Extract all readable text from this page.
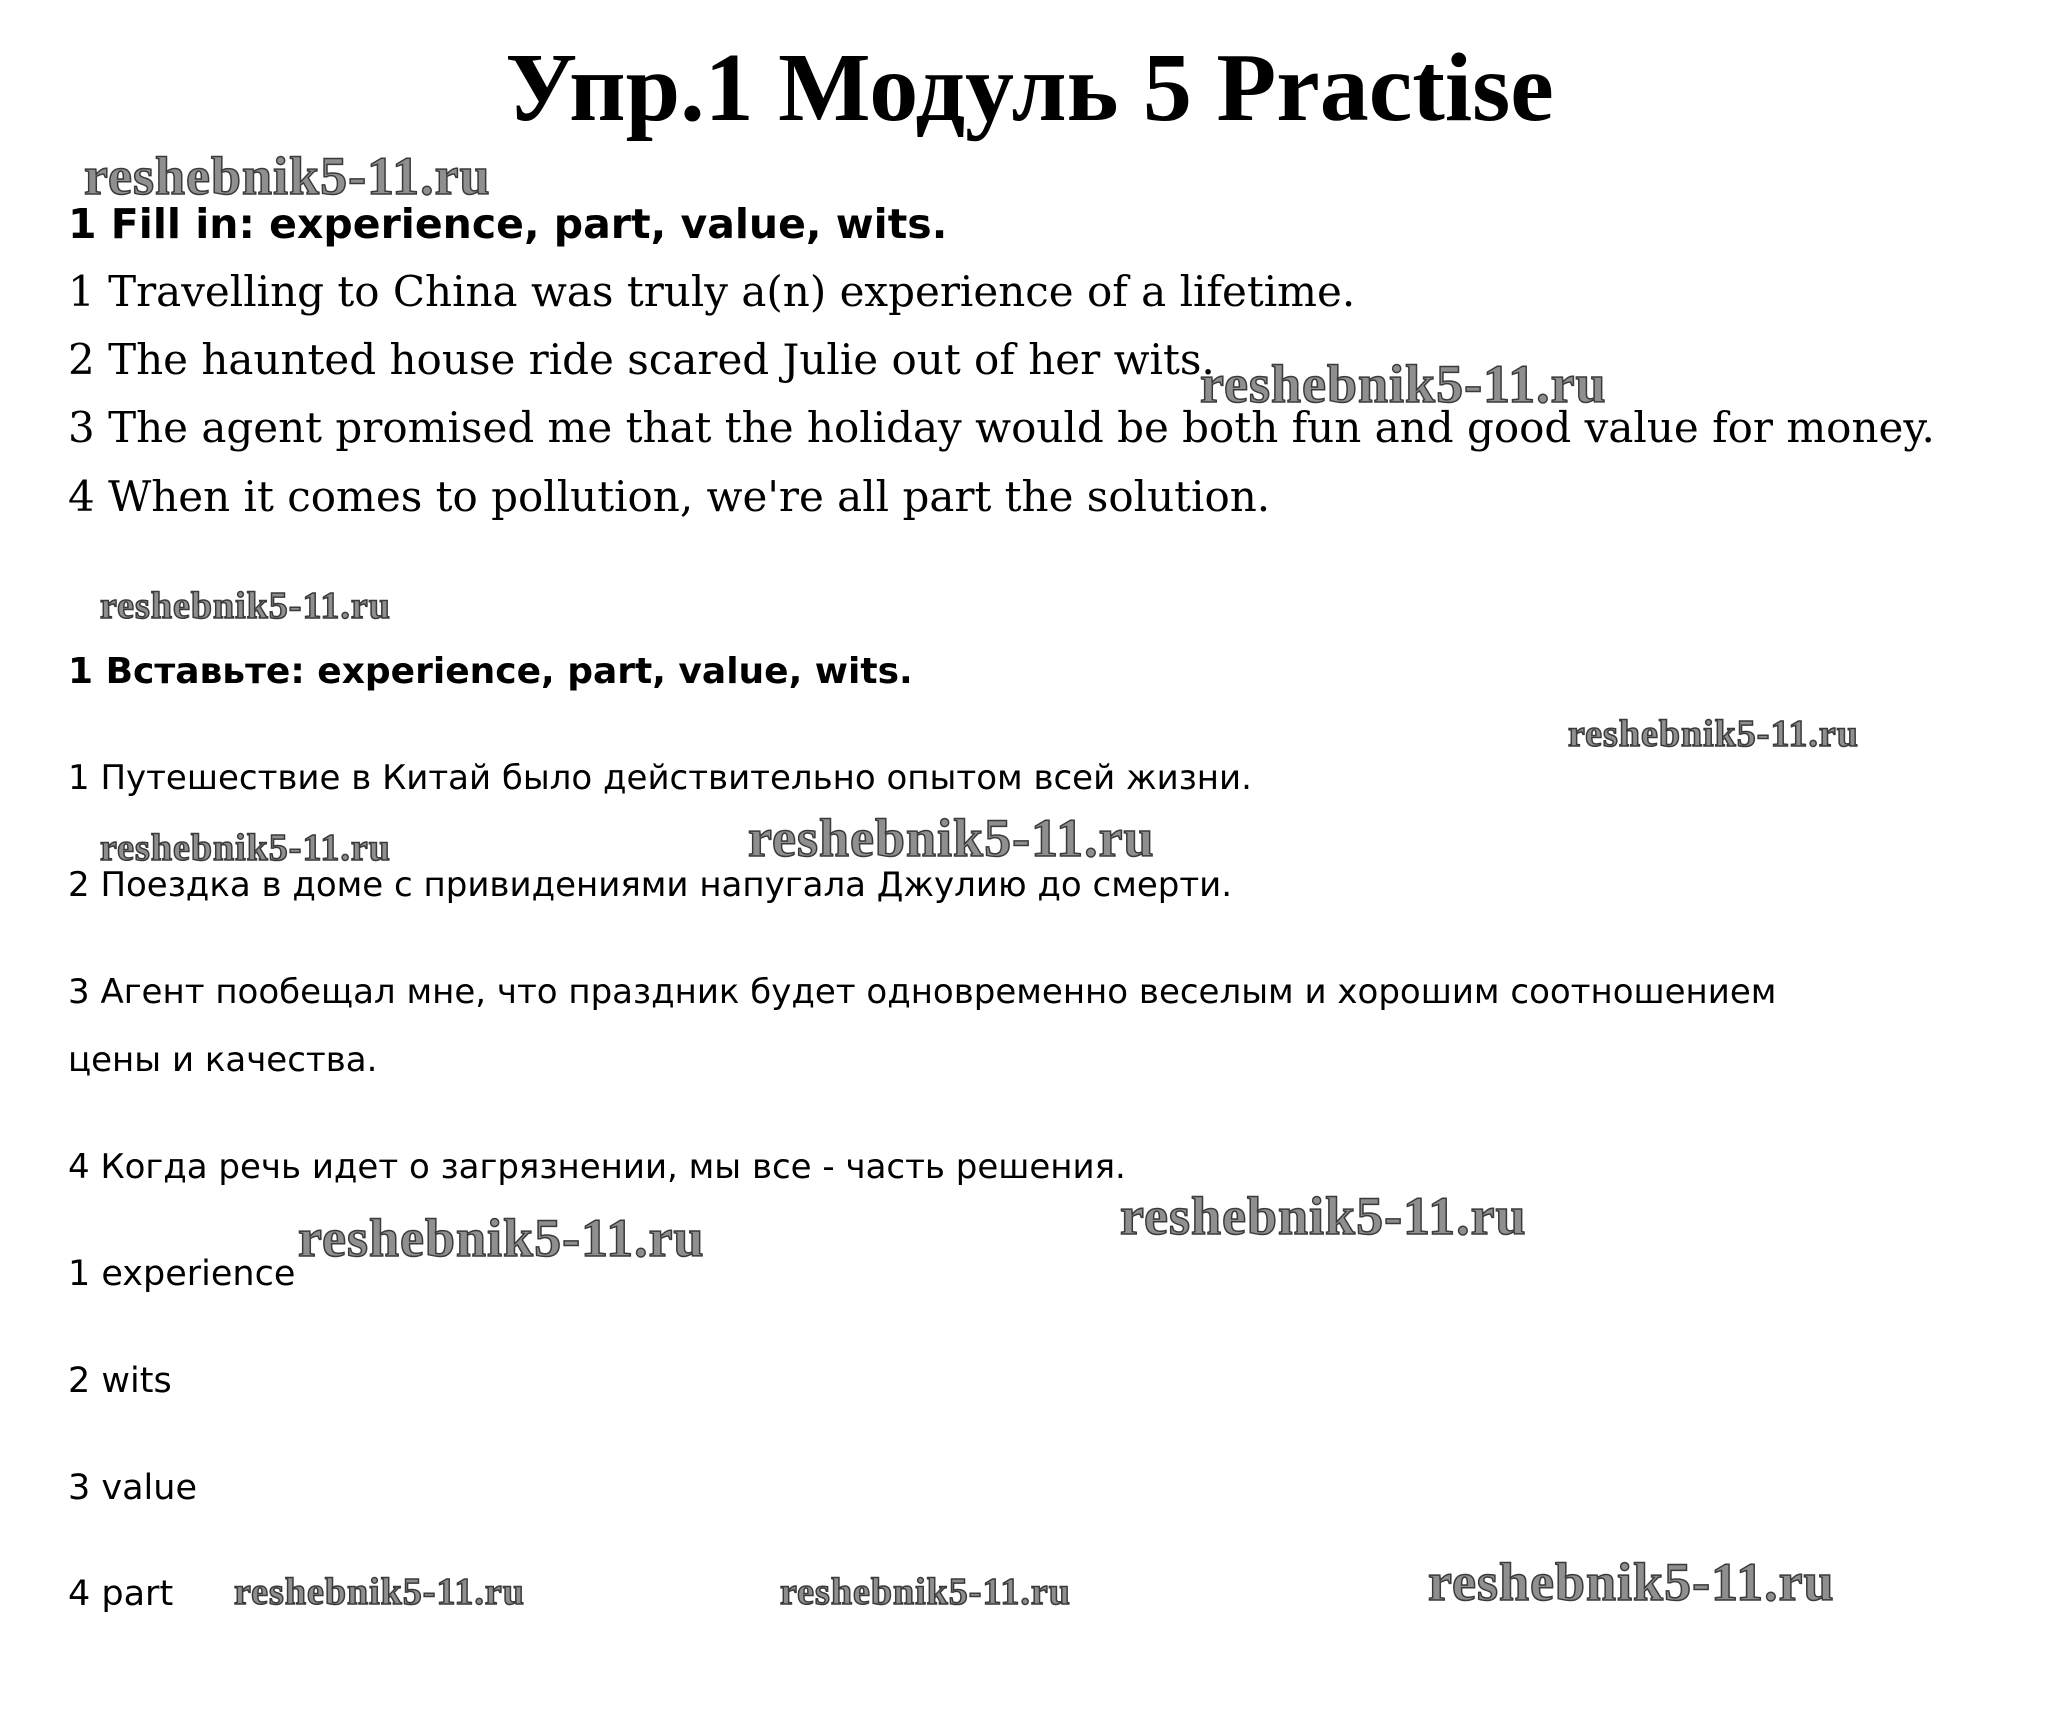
Упр.1 Модуль 5 Practise

1 Fill in: experience, part, value, wits.

1 Travelling to China was truly a(n) experience of a lifetime.

2 The haunted house ride scared Julie out of her wits.

3 The agent promised me that the holiday would be both fun and good value for money.

4 When it comes to pollution, we're all part the solution.

1 Вставьте: experience, part, value, wits.

1 Путешествие в Китай было действительно опытом всей жизни.

2 Поездка в доме с привидениями напугала Джулию до смерти.

3 Агент пообещал мне, что праздник будет одновременно веселым и хорошим соотношением

цены и качества.

4 Когда речь идет о загрязнении, мы все - часть решения.

1 experience

2 wits

3 value

4 part

reshebnik5-11.ru
reshebnik5-11.ru
reshebnik5-11.ru
reshebnik5-11.ru
reshebnik5-11.ru	reshebnik5-11.ru
reshebnik5-11.ru
reshebnik5-11.ru
reshebnik5-11.ru	reshebnik5-11.ru	reshebnik5-11.ru
